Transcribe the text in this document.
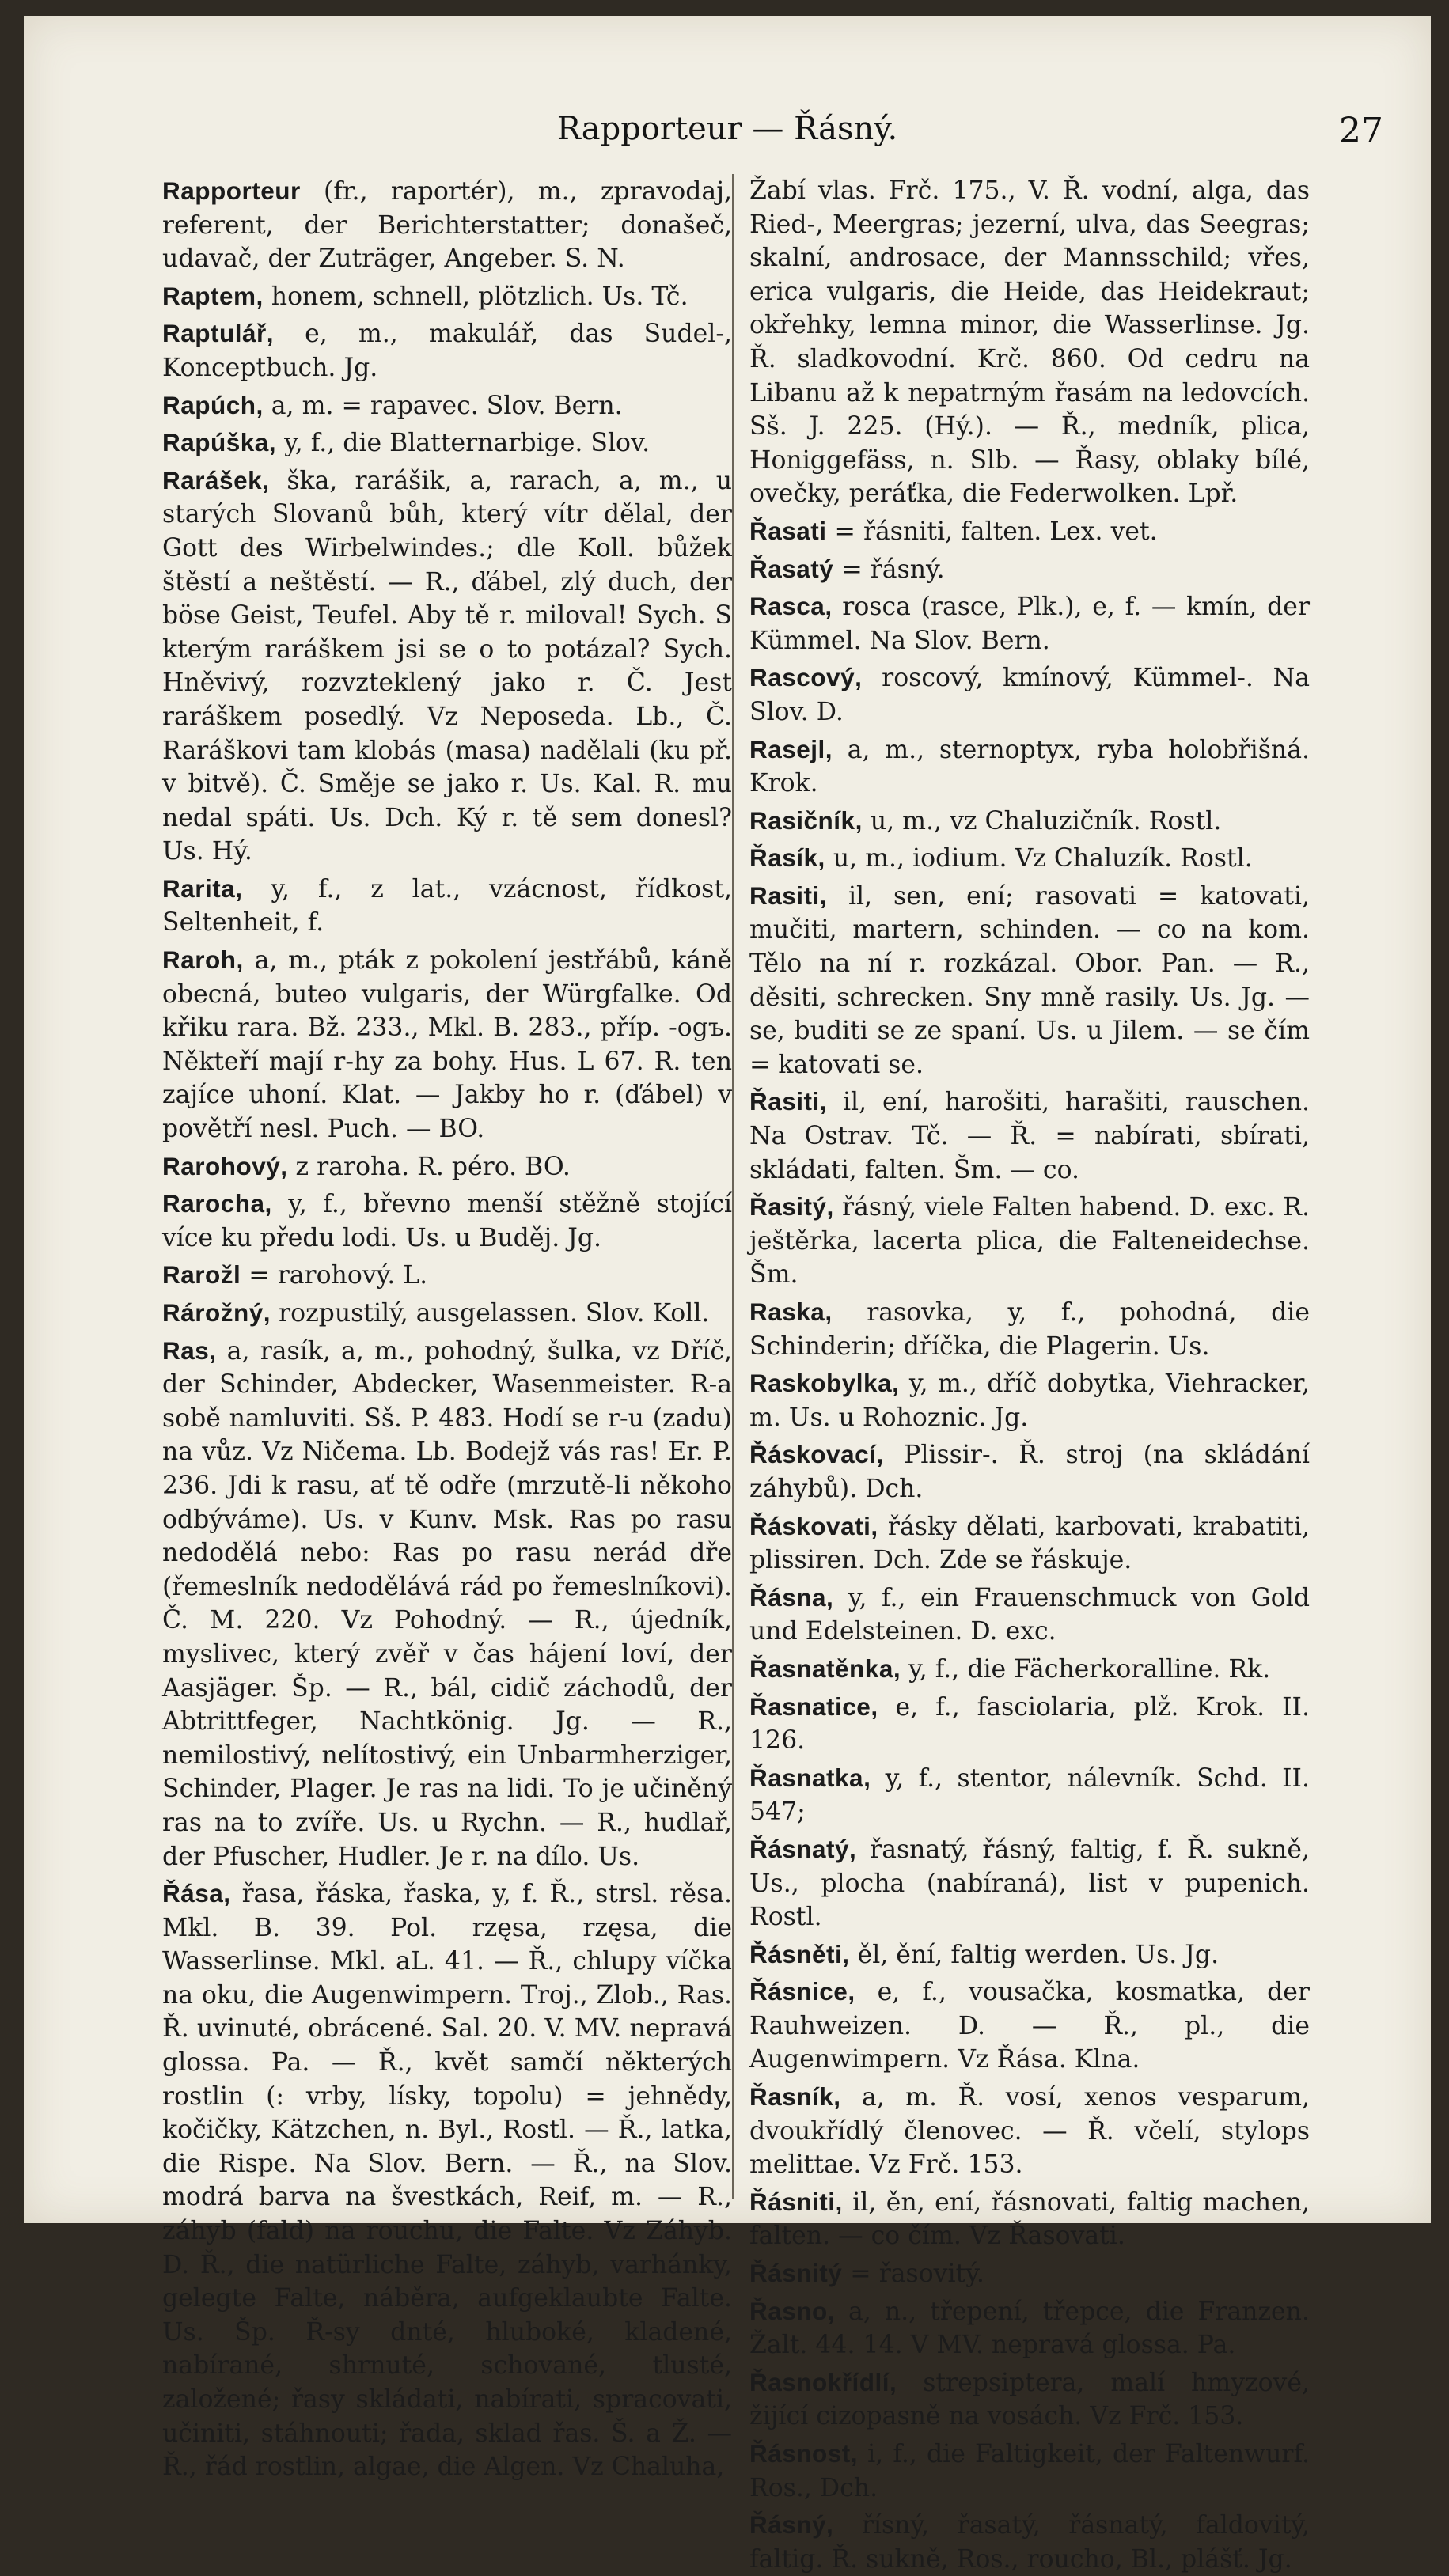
Rapporteur — Řásný.	27

Rapporteur (fr., raportér), m., zpravodaj, referent, der Berichterstatter; donašeč, udavač, der Zuträger, Angeber. S. N.

Raptem, honem, schnell, plötzlich. Us. Tč.

Raptulář, e, m., makulář, das Sudel-, Konceptbuch. Jg.

Rapúch, a, m. = rapavec. Slov. Bern.

Rapúška, y, f., die Blatternarbige. Slov.

Rarášek, ška, rarášik, a, rarach, a, m., u starých Slovanů bůh, který vítr dělal, der Gott des Wirbelwindes.; dle Koll. bůžek štěstí a neštěstí. — R., ďábel, zlý duch, der böse Geist, Teufel. Aby tě r. miloval! Sych. S kterým raráškem jsi se o to potázal? Sych. Hněvivý, rozvzteklený jako r. Č. Jest raráškem posedlý. Vz Neposeda. Lb., Č. Raráškovi tam klobás (masa) nadělali (ku př. v bitvě). Č. Směje se jako r. Us. Kal. R. mu nedal spáti. Us. Dch. Ký r. tě sem donesl? Us. Hý.

Rarita, y, f., z lat., vzácnost, řídkost, Seltenheit, f.

Raroh, a, m., pták z pokolení jestřábů, káně obecná, buteo vulgaris, der Würgfalke. Od křiku rara. Bž. 233., Mkl. B. 283., příp. -ogъ. Někteří mají r-hy za bohy. Hus. L 67. R. ten zajíce uhoní. Klat. — Jakby ho r. (ďábel) v povětří nesl. Puch. — BO.

Rarohový, z raroha. R. péro. BO.

Rarocha, y, f., břevno menší stěžně stojící více ku předu lodi. Us. u Buděj. Jg.

Rarožl = rarohový. L.

Rárožný, rozpustilý, ausgelassen. Slov. Koll.

Ras, a, rasík, a, m., pohodný, šulka, vz Dříč, der Schinder, Abdecker, Wasenmeister. R-a sobě namluviti. Sš. P. 483. Hodí se r-u (zadu) na vůz. Vz Ničema. Lb. Bodejž vás ras! Er. P. 236. Jdi k rasu, ať tě odře (mrzutě-li někoho odbýváme). Us. v Kunv. Msk. Ras po rasu nedodělá nebo: Ras po rasu nerád dře (řemeslník nedodělává rád po řemeslníkovi). Č. M. 220. Vz Pohodný. — R., újedník, myslivec, který zvěř v čas hájení loví, der Aasjäger. Šp. — R., bál, cidič záchodů, der Abtrittfeger, Nachtkönig. Jg. — R., nemilostivý, nelítostivý, ein Unbarmherziger, Schinder, Plager. Je ras na lidi. To je učiněný ras na to zvíře. Us. u Rychn. — R., hudlař, der Pfuscher, Hudler. Je r. na dílo. Us.

Řása, řasa, řáska, řaska, y, f. Ř., strsl. rěsa. Mkl. B. 39. Pol. rzęsa, rzęsa, die Wasserlinse. Mkl. aL. 41. — Ř., chlupy víčka na oku, die Augenwimpern. Troj., Zlob., Ras. Ř. uvinuté, obrácené. Sal. 20. V. MV. nepravá glossa. Pa. — Ř., květ samčí některých rostlin (: vrby, lísky, topolu) = jehnědy, kočičky, Kätzchen, n. Byl., Rostl. — Ř., latka, die Rispe. Na Slov. Bern. — Ř., na Slov. modrá barva na švestkách, Reif, m. — R., záhyb (fald) na rouchu, die Falte. Vz Záhyb. D. Ř., die natürliche Falte, záhyb, varhánky, gelegte Falte, náběra, aufgeklaubte Falte. Us. Šp. Ř-sy dnté, hluboké, kladené, nabírané, shrnuté, schované, tlusté, založené; řasy skládati, nabírati, spracovati, učiniti, stáhnouti; řada, sklad řas. Š. a Ž. — Ř., řád rostlin, algae, die Algen. Vz Chaluha,

Žabí vlas. Frč. 175., V. Ř. vodní, alga, das Ried-, Meergras; jezerní, ulva, das Seegras; skalní, androsace, der Mannsschild; vřes, erica vulgaris, die Heide, das Heidekraut; okřehky, lemna minor, die Wasserlinse. Jg. Ř. sladkovodní. Krč. 860. Od cedru na Libanu až k nepatrným řasám na ledovcích. Sš. J. 225. (Hý.). — Ř., medník, plica, Honiggefäss, n. Slb. — Řasy, oblaky bílé, ovečky, peráťka, die Federwolken. Lpř.

Řasati = řásniti, falten. Lex. vet.

Řasatý = řásný.

Rasca, rosca (rasce, Plk.), e, f. — kmín, der Kümmel. Na Slov. Bern.

Rascový, roscový, kmínový, Kümmel-. Na Slov. D.

Rasejl, a, m., sternoptyx, ryba holobřišná. Krok.

Rasičník, u, m., vz Chaluzičník. Rostl.

Řasík, u, m., iodium. Vz Chaluzík. Rostl.

Rasiti, il, sen, ení; rasovati = katovati, mučiti, martern, schinden. — co na kom. Tělo na ní r. rozkázal. Obor. Pan. — R., děsiti, schrecken. Sny mně rasily. Us. Jg. — se, buditi se ze spaní. Us. u Jilem. — se čím = katovati se.

Řasiti, il, ení, harošiti, harašiti, rauschen. Na Ostrav. Tč. — Ř. = nabírati, sbírati, skládati, falten. Šm. — co.

Řasitý, řásný, viele Falten habend. D. exc. R. ještěrka, lacerta plica, die Falteneidechse. Šm.

Raska, rasovka, y, f., pohodná, die Schinderin; dříčka, die Plagerin. Us.

Raskobylka, y, m., dříč dobytka, Viehracker, m. Us. u Rohoznic. Jg.

Řáskovací, Plissir-. Ř. stroj (na skládání záhybů). Dch.

Řáskovati, řásky dělati, karbovati, krabatiti, plissiren. Dch. Zde se řáskuje.

Řásna, y, f., ein Frauenschmuck von Gold und Edelsteinen. D. exc.

Řasnatěnka, y, f., die Fächerkoralline. Rk.

Řasnatice, e, f., fasciolaria, plž. Krok. II. 126.

Řasnatka, y, f., stentor, nálevník. Schd. II. 547;

Řásnatý, řasnatý, řásný, faltig, f. Ř. sukně, Us., plocha (nabíraná), list v pupenich. Rostl.

Řásněti, ěl, ění, faltig werden. Us. Jg.

Řásnice, e, f., vousačka, kosmatka, der Rauhweizen. D. — Ř., pl., die Augenwimpern. Vz Řása. Klna.

Řasník, a, m. Ř. vosí, xenos vesparum, dvoukřídlý členovec. — Ř. včelí, stylops melittae. Vz Frč. 153.

Řásniti, il, ěn, ení, řásnovati, faltig machen, falten. — co čím. Vz Řasovati.

Řásnitý = řasovitý.

Řasno, a, n., třepení, třepce, die Franzen. Žalt. 44. 14. V MV. nepravá glossa. Pa.

Řasnokřídlí, strepsiptera, malí hmyzové, žijící cizopasně na vosách. Vz Frč. 153.

Řásnost, i, f., die Faltigkeit, der Faltenwurf. Ros., Dch.

Řásný, řísný, řasatý, řásnatý, faldovitý, faltig. Ř. sukně, Ros., roucho, Bl., plášť. Jg.
